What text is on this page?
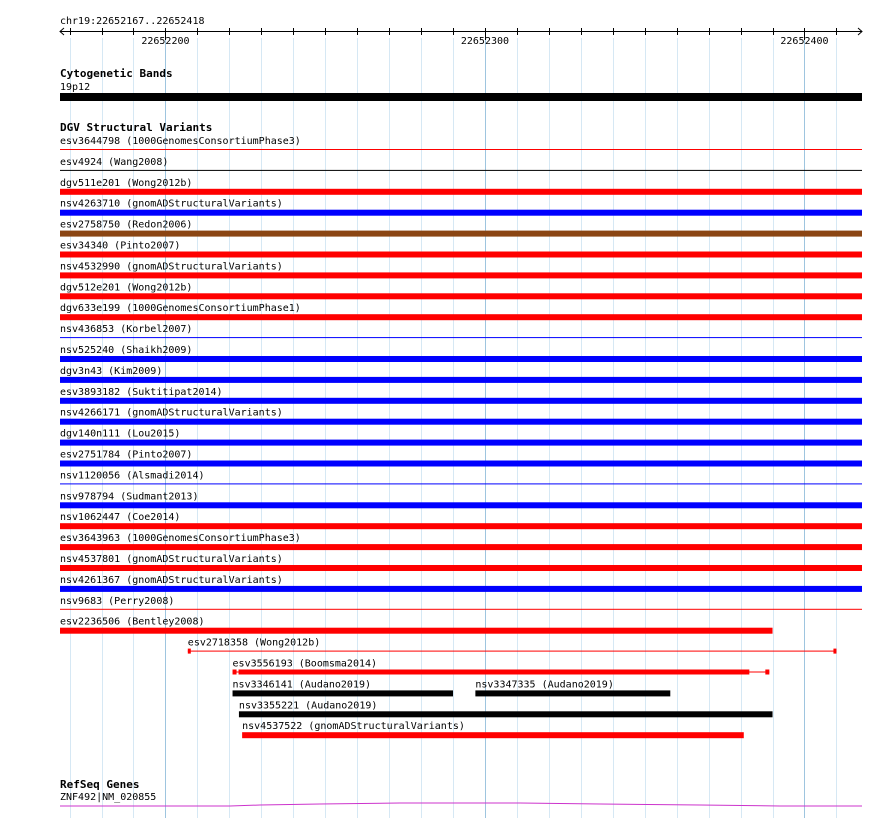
chr19:22652167..22652418
22652200	22652300	22652400
Cytogenetic Bands
19p12
DGV Structural Variants
esv3644798 (1000GenomesConsortiumPhase3)
esv4924 (Wang2008)
dgv511e201 (Wong2012b)
nsv4263710 (gnomADStructuralVariants)
esv2758750 (Redon2006)
esv34340 (Pinto2007)
nsv4532990 (gnomADStructuralVariants)
dgv512e201 (Wong2012b)
dgv633e199 (1000GenomesConsortiumPhase1)
nsv436853 (Korbel2007)
nsv525240 (Shaikh2009)
dgv3n43 (Kim2009)
esv3893182 (Suktitipat2014)
nsv4266171 (gnomADStructuralVariants)
dgv140n111 (Lou2015)
esv2751784 (Pinto2007)
nsv1120056 (Alsmadi2014)
nsv978794 (Sudmant2013)
nsv1062447 (Coe2014)
esv3643963 (1000GenomesConsortiumPhase3)
nsv4537801 (gnomADStructuralVariants)
nsv4261367 (gnomADStructuralVariants)
nsv9683 (Perry2008)
esv2236506 (Bentley2008)
esv2718358 (Wong2012b)
esv3556193 (Boomsma2014)
nsv3346141 (Audano2019)	nsv3347335 (Audano2019)
nsv3355221 (Audano2019)
nsv4537522 (gnomADStructuralVariants)
RefSeq Genes
ZNF492|NM_020855
